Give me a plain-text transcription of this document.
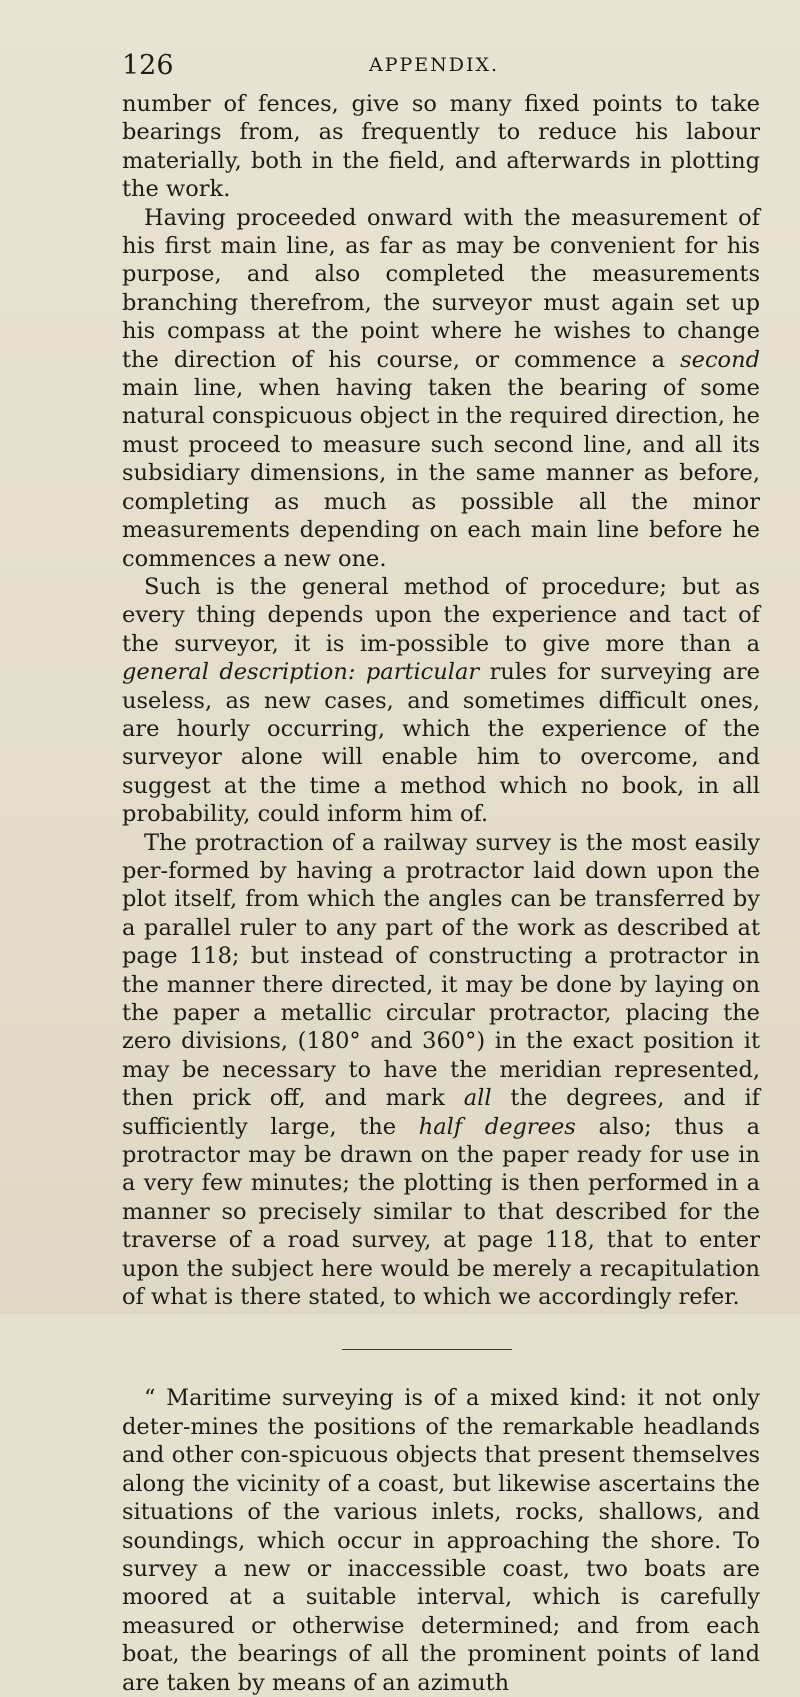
126	APPENDIX.

number of fences, give so many fixed points to take bearings from, as frequently to reduce his labour materially, both in the field, and afterwards in plotting the work.

Having proceeded onward with the measurement of his first main line, as far as may be convenient for his purpose, and also completed the measurements branching therefrom, the surveyor must again set up his compass at the point where he wishes to change the direction of his course, or commence a second main line, when having taken the bearing of some natural conspicuous object in the required direction, he must proceed to measure such second line, and all its subsidiary dimensions, in the same manner as before, completing as much as possible all the minor measurements depending on each main line before he commences a new one.

Such is the general method of procedure; but as every thing depends upon the experience and tact of the surveyor, it is im-possible to give more than a general description: particular rules for surveying are useless, as new cases, and sometimes difficult ones, are hourly occurring, which the experience of the surveyor alone will enable him to overcome, and suggest at the time a method which no book, in all probability, could inform him of.

The protraction of a railway survey is the most easily per-formed by having a protractor laid down upon the plot itself, from which the angles can be transferred by a parallel ruler to any part of the work as described at page 118; but instead of constructing a protractor in the manner there directed, it may be done by laying on the paper a metallic circular protractor, placing the zero divisions, (180° and 360°) in the exact position it may be necessary to have the meridian represented, then prick off, and mark all the degrees, and if sufficiently large, the half degrees also; thus a protractor may be drawn on the paper ready for use in a very few minutes; the plotting is then performed in a manner so precisely similar to that described for the traverse of a road survey, at page 118, that to enter upon the subject here would be merely a recapitulation of what is there stated, to which we accordingly refer.

“ Maritime surveying is of a mixed kind: it not only deter-mines the positions of the remarkable headlands and other con-spicuous objects that present themselves along the vicinity of a coast, but likewise ascertains the situations of the various inlets, rocks, shallows, and soundings, which occur in approaching the shore. To survey a new or inaccessible coast, two boats are moored at a suitable interval, which is carefully measured or otherwise determined; and from each boat, the bearings of all the prominent points of land are taken by means of an azimuth
